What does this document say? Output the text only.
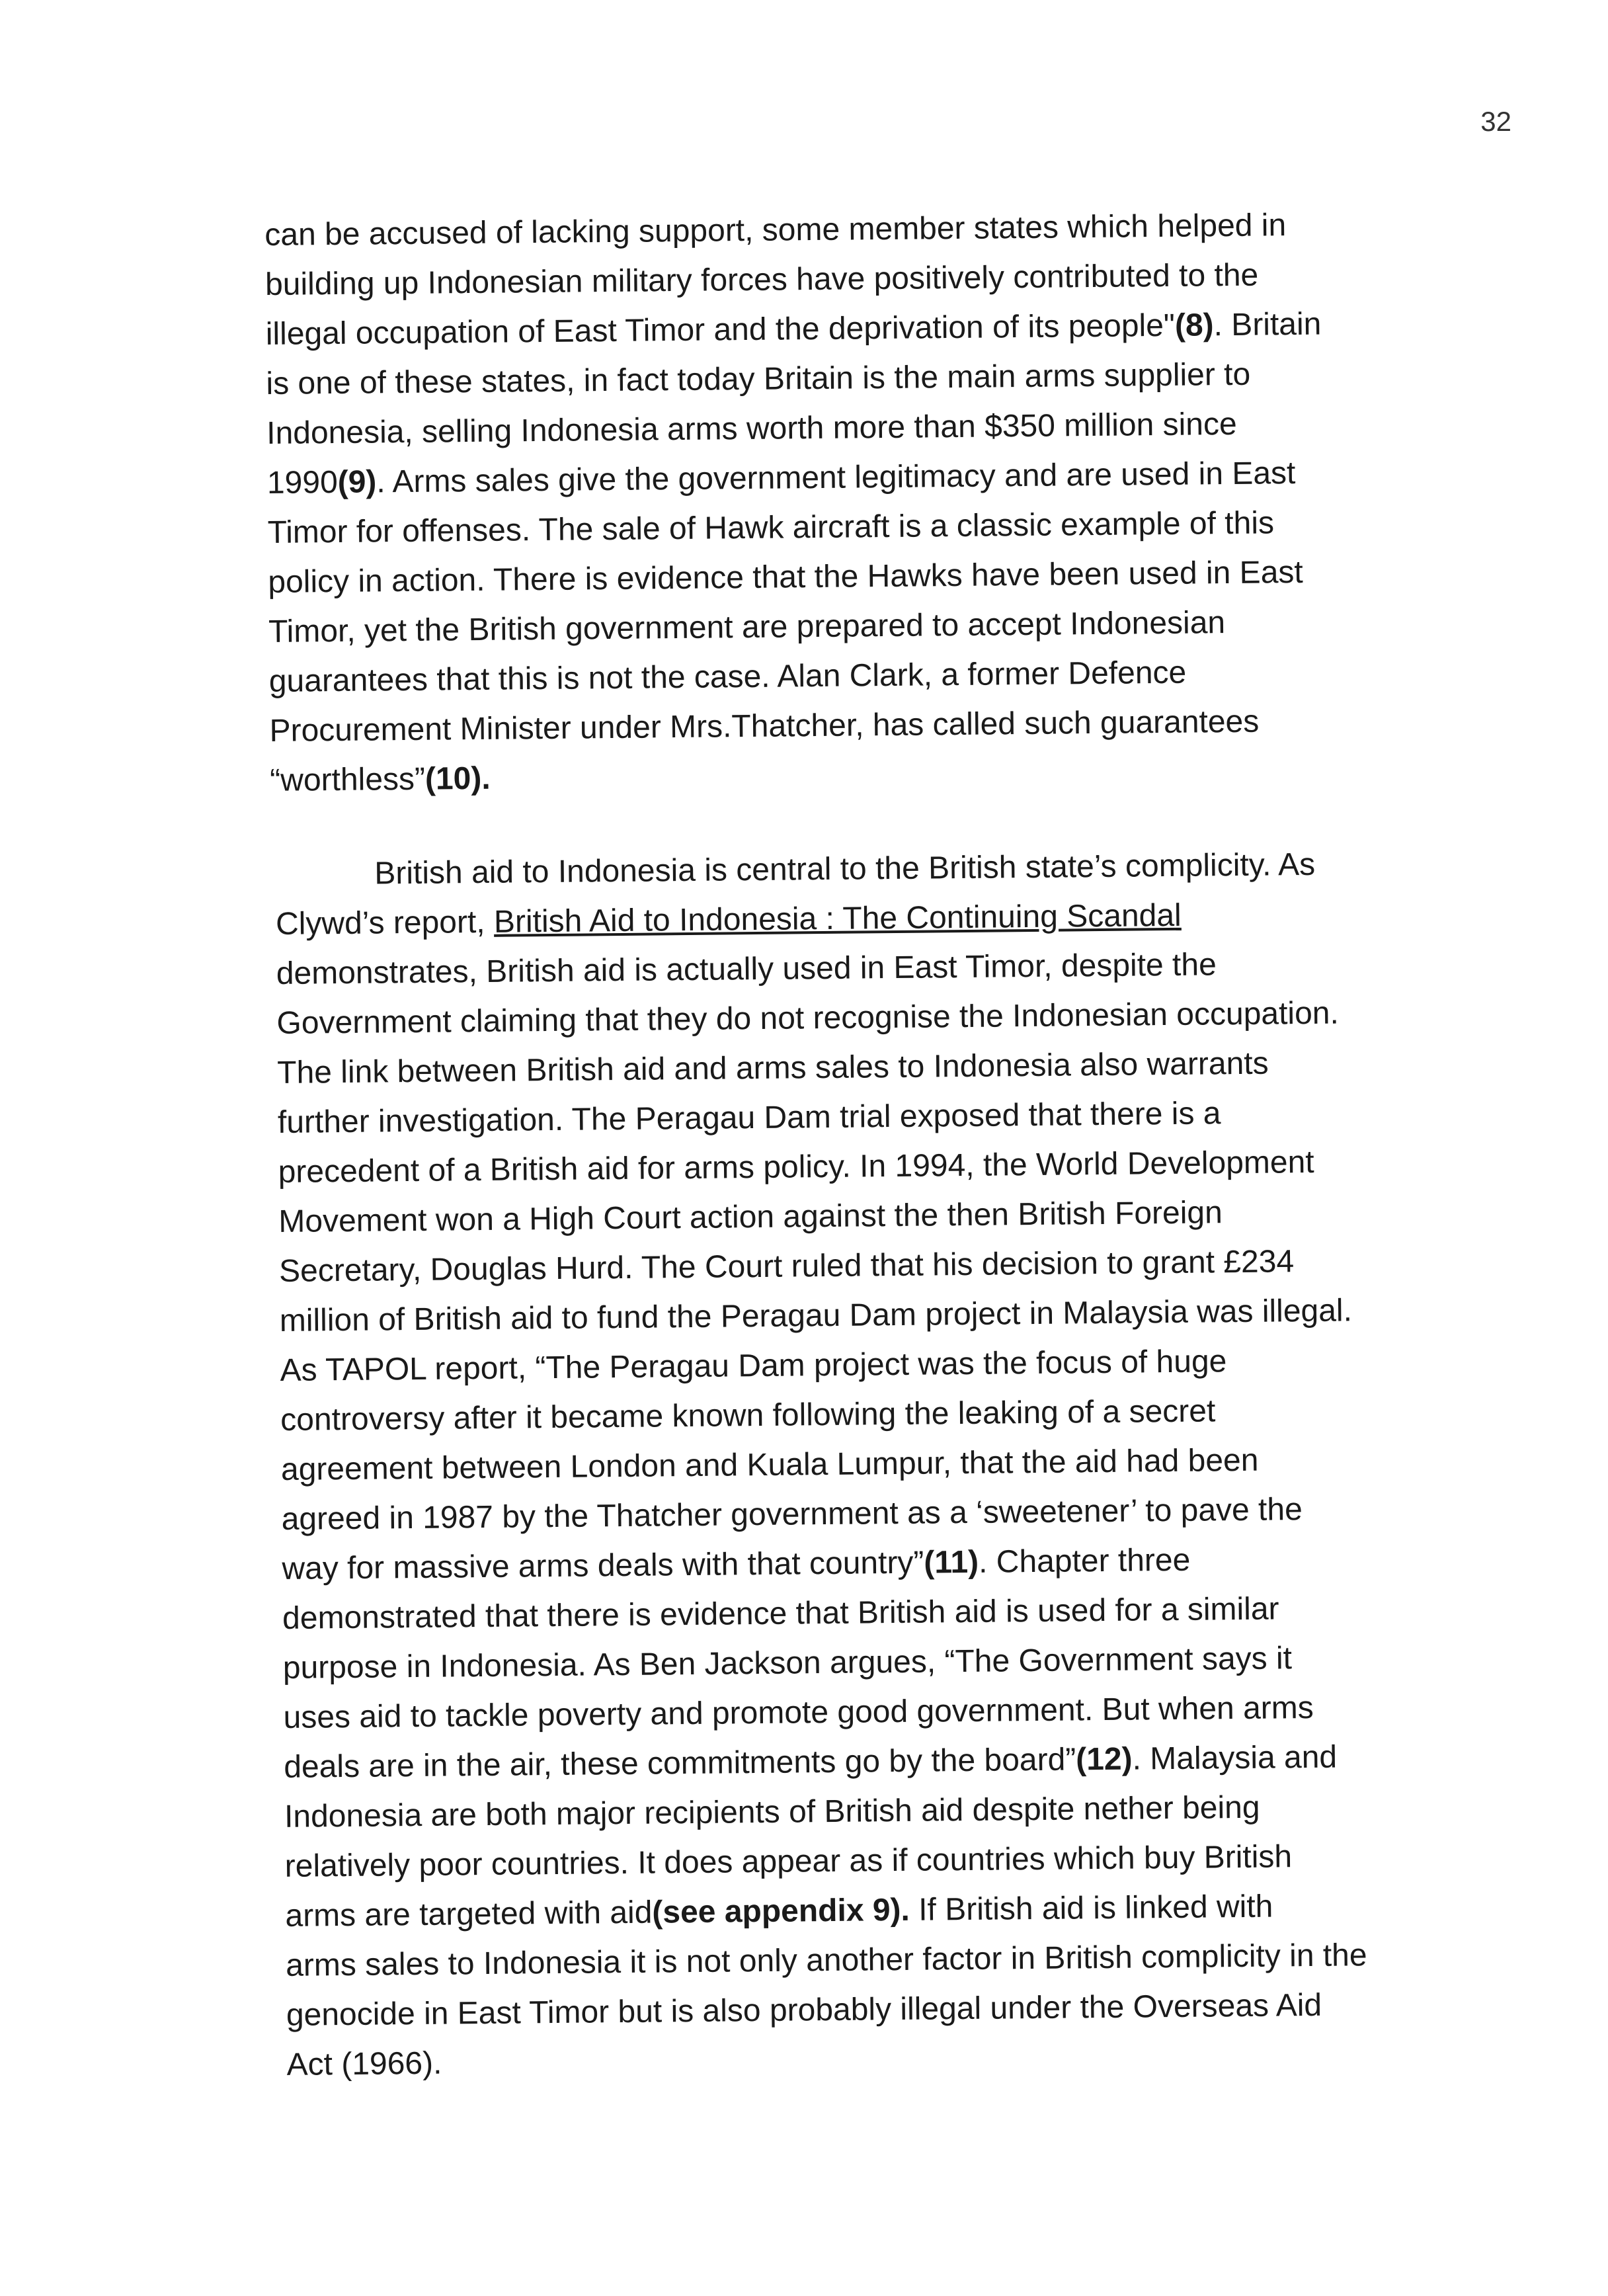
32
can be accused of lacking support, some member states which helped in
building up Indonesian military forces have positively contributed to the
illegal occupation of East Timor and the deprivation of its people"(8). Britain
is one of these states, in fact today Britain is the main arms supplier to
Indonesia, selling Indonesia arms worth more than $350 million since
1990(9). Arms sales give the government legitimacy and are used in East
Timor for offenses. The sale of Hawk aircraft is a classic example of this
policy in action. There is evidence that the Hawks have been used in East
Timor, yet the British government are prepared to accept Indonesian
guarantees that this is not the case. Alan Clark, a former Defence
Procurement Minister under Mrs.Thatcher, has called such guarantees
“worthless”(10).
British aid to Indonesia is central to the British state’s complicity. As
Clywd’s report, British Aid to Indonesia : The Continuing Scandal
demonstrates, British aid is actually used in East Timor, despite the
Government claiming that they do not recognise the Indonesian occupation.
The link between British aid and arms sales to Indonesia also warrants
further investigation. The Peragau Dam trial exposed that there is a
precedent of a British aid for arms policy. In 1994, the World Development
Movement won a High Court action against the then British Foreign
Secretary, Douglas Hurd. The Court ruled that his decision to grant £234
million of British aid to fund the Peragau Dam project in Malaysia was illegal.
As TAPOL report, “The Peragau Dam project was the focus of huge
controversy after it became known following the leaking of a secret
agreement between London and Kuala Lumpur, that the aid had been
agreed in 1987 by the Thatcher government as a ‘sweetener’ to pave the
way for massive arms deals with that country”(11). Chapter three
demonstrated that there is evidence that British aid is used for a similar
purpose in Indonesia. As Ben Jackson argues, “The Government says it
uses aid to tackle poverty and promote good government. But when arms
deals are in the air, these commitments go by the board”(12). Malaysia and
Indonesia are both major recipients of British aid despite nether being
relatively poor countries. It does appear as if countries which buy British
arms are targeted with aid(see appendix 9). If British aid is linked with
arms sales to Indonesia it is not only another factor in British complicity in the
genocide in East Timor but is also probably illegal under the Overseas Aid
Act (1966).
